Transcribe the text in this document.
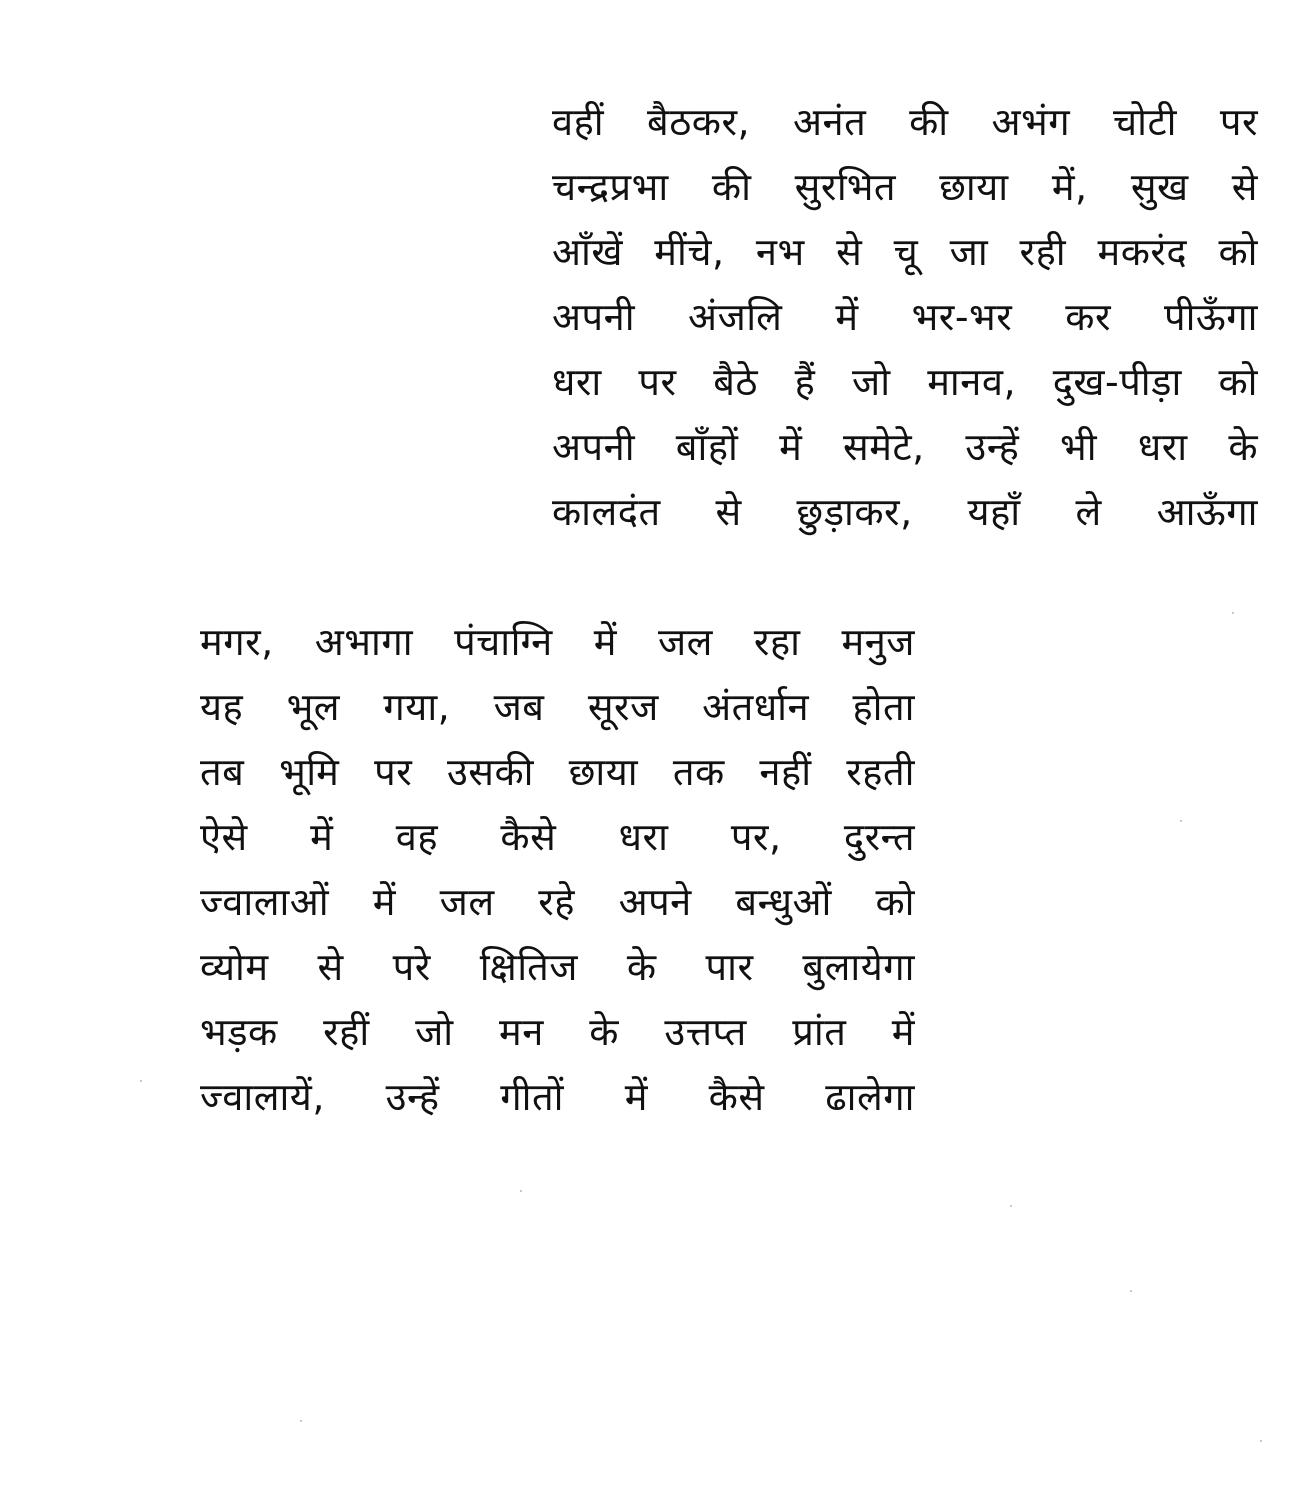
वहीं बैठकर, अनंत की अभंग चोटी पर
चन्द्रप्रभा की सुरभित छाया में, सुख से
आँखें मींचे, नभ से चू जा रही मकरंद को
अपनी अंजलि में भर-भर कर पीऊँगा
धरा पर बैठे हैं जो मानव, दुख-पीड़ा को
अपनी बाँहों में समेटे, उन्हें भी धरा के
कालदंत से छुड़ाकर, यहाँ ले आऊँगा
मगर, अभागा पंचाग्नि में जल रहा मनुज
यह भूल गया, जब सूरज अंतर्धान होता
तब भूमि पर उसकी छाया तक नहीं रहती
ऐसे में वह कैसे धरा पर, दुरन्त
ज्वालाओं में जल रहे अपने बन्धुओं को
व्योम से परे क्षितिज के पार बुलायेगा
भड़क रहीं जो मन के उत्तप्त प्रांत में
ज्वालायें, उन्हें गीतों में कैसे ढालेगा
